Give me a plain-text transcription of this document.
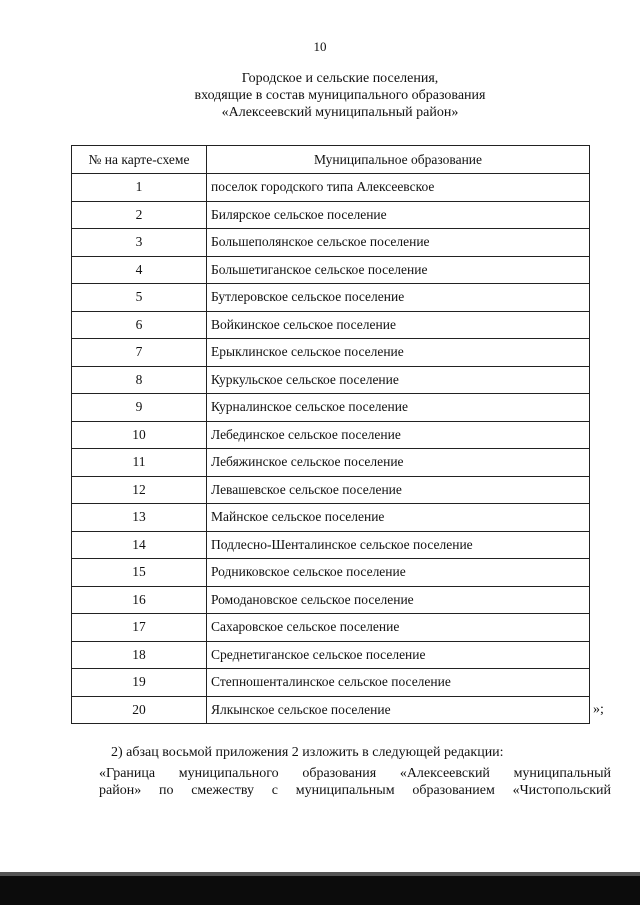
10
Городское и сельские поселения,
входящие в состав муниципального образования
«Алексеевский муниципальный район»
№ на карте-схеме	Муниципальное образование
1	поселок городского типа Алексеевское
2	Билярское сельское поселение
3	Большеполянское сельское поселение
4	Большетиганское сельское поселение
5	Бутлеровское сельское поселение
6	Войкинское сельское поселение
7	Ерыклинское сельское поселение
8	Куркульское сельское поселение
9	Курналинское сельское поселение
10	Лебединское сельское поселение
11	Лебяжинское сельское поселение
12	Левашевское сельское поселение
13	Майнское сельское поселение
14	Подлесно-Шенталинское сельское поселение
15	Родниковское сельское поселение
16	Ромодановское сельское поселение
17	Сахаровское сельское поселение
18	Среднетиганское сельское поселение
19	Степношенталинское сельское поселение
20	Ялкынское сельское поселение	»;
2) абзац восьмой приложения 2 изложить в следующей редакции:
«Граница муниципального образования «Алексеевский муниципальный
район» по смежеству с муниципальным образованием «Чистопольский
